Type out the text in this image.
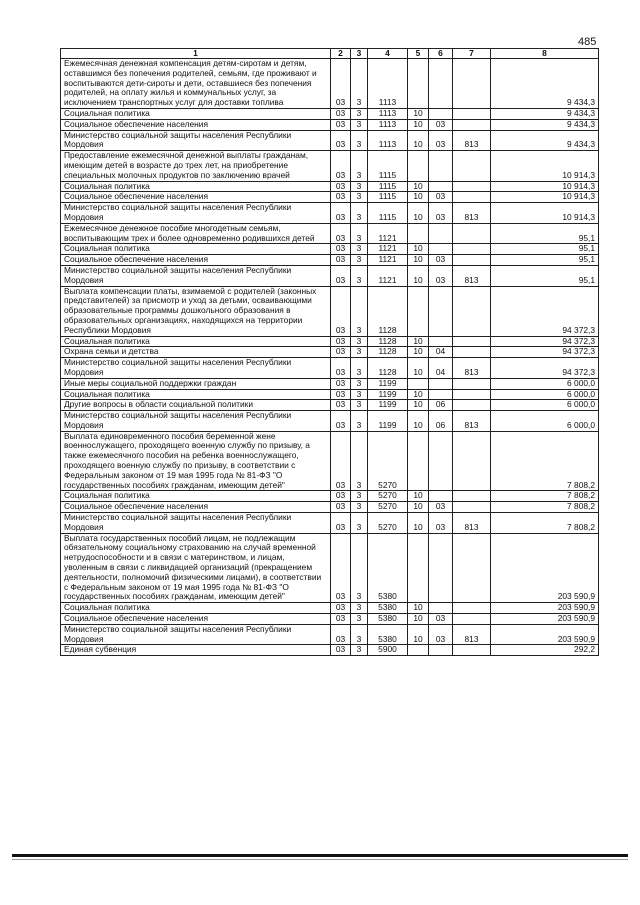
485
1	2	3	4	5	6	7	8
Ежемесячная денежная компенсация детям-сиротам и детям, оставшимся без попечения родителей, семьям, где проживают и воспитываются дети-сироты и дети, оставшиеся без попечения родителей, на оплату жилья и коммунальных услуг, за исключением транспортных услуг для доставки топлива	03	3	1113				9 434,3
Социальная политика	03	3	1113	10			9 434,3
Социальное обеспечение населения	03	3	1113	10	03		9 434,3
Министерство социальной защиты населения Республики Мордовия	03	3	1113	10	03	813	9 434,3
Предоставление ежемесячной денежной выплаты гражданам, имеющим детей в возрасте до трех лет, на приобретение специальных молочных продуктов по заключению врачей	03	3	1115				10 914,3
Социальная политика	03	3	1115	10			10 914,3
Социальное обеспечение населения	03	3	1115	10	03		10 914,3
Министерство социальной защиты населения Республики Мордовия	03	3	1115	10	03	813	10 914,3
Ежемесячное денежное пособие многодетным семьям, воспитывающим трех и более одновременно родившихся детей	03	3	1121				95,1
Социальная политика	03	3	1121	10			95,1
Социальное обеспечение населения	03	3	1121	10	03		95,1
Министерство социальной защиты населения Республики Мордовия	03	3	1121	10	03	813	95,1
Выплата компенсации платы, взимаемой с родителей (законных представителей) за присмотр и уход за детьми, осваивающими образовательные программы дошкольного образования в образовательных организациях, находящихся на территории Республики Мордовия	03	3	1128				94 372,3
Социальная политика	03	3	1128	10			94 372,3
Охрана семьи и детства	03	3	1128	10	04		94 372,3
Министерство социальной защиты населения Республики Мордовия	03	3	1128	10	04	813	94 372,3
Иные меры социальной поддержки граждан	03	3	1199				6 000,0
Социальная политика	03	3	1199	10			6 000,0
Другие вопросы в области социальной политики	03	3	1199	10	06		6 000,0
Министерство социальной защиты населения Республики Мордовия	03	3	1199	10	06	813	6 000,0
Выплата единовременного пособия беременной жене военнослужащего, проходящего военную службу по призыву, а также ежемесячного пособия на ребенка военнослужащего, проходящего военную службу по призыву, в соответствии с Федеральным законом от 19 мая 1995 года № 81-ФЗ "О государственных пособиях гражданам, имеющим детей"	03	3	5270				7 808,2
Социальная политика	03	3	5270	10			7 808,2
Социальное обеспечение населения	03	3	5270	10	03		7 808,2
Министерство социальной защиты населения Республики Мордовия	03	3	5270	10	03	813	7 808,2
Выплата государственных пособий лицам, не подлежащим обязательному социальному страхованию на случай временной нетрудоспособности и в связи с материнством, и лицам, уволенным в связи с ликвидацией организаций (прекращением деятельности, полномочий физическими лицами), в соответствии с Федеральным законом от 19 мая 1995 года № 81-ФЗ "О государственных пособиях гражданам, имеющим детей"	03	3	5380				203 590,9
Социальная политика	03	3	5380	10			203 590,9
Социальное обеспечение населения	03	3	5380	10	03		203 590,9
Министерство социальной защиты населения Республики Мордовия	03	3	5380	10	03	813	203 590,9
Единая субвенция	03	3	5900				292,2
